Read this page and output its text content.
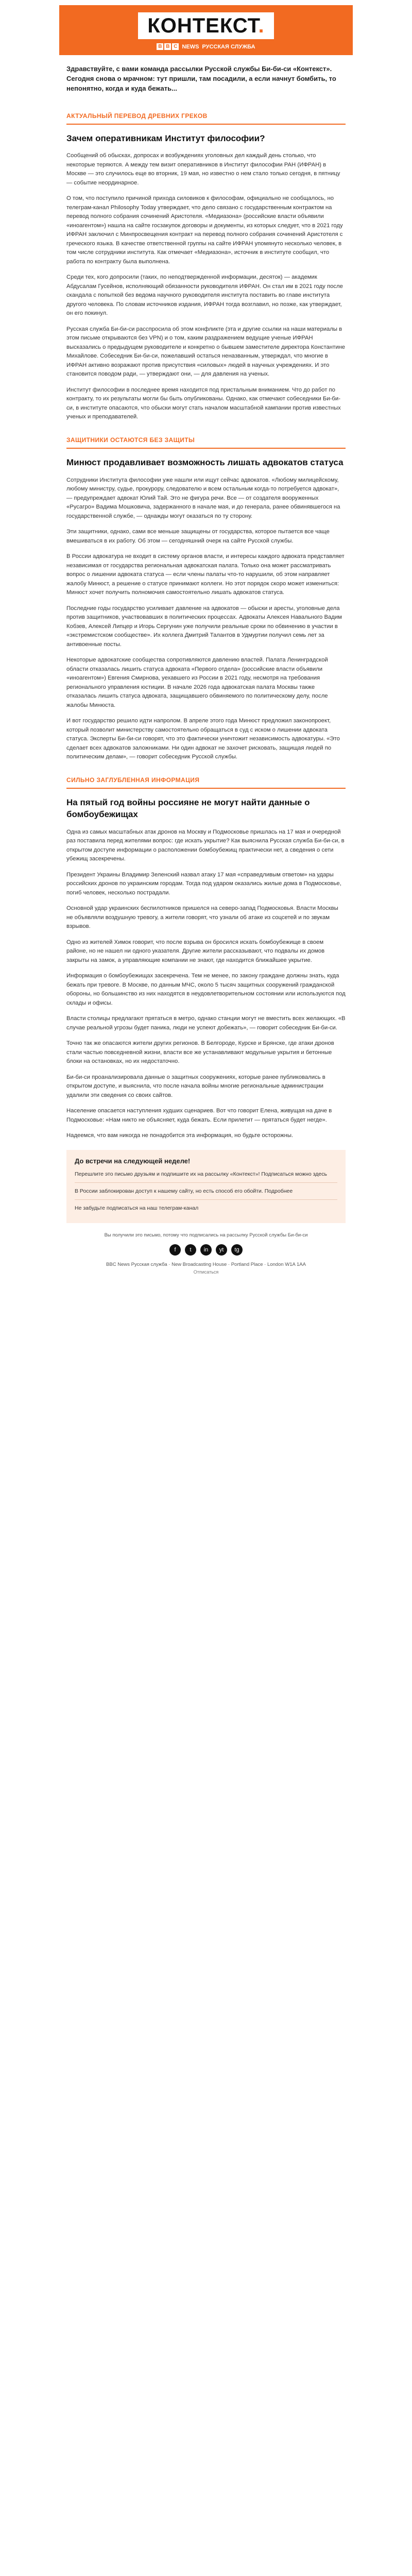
КОНТЕКСТ.
B B C NEWS РУССКАЯ СЛУЖБА
Здравствуйте, с вами команда рассылки Русской службы Би-би-си «Контекст». Сегодня снова о мрачном: тут пришли, там посадили, а если начнут бомбить, то непонятно, когда и куда бежать...
АКТУАЛЬНЫЙ ПЕРЕВОД ДРЕВНИХ ГРЕКОВ
Зачем оперативникам Институт философии?

Сообщений об обысках, допросах и возбуждениях уголовных дел каждый день столько, что некоторые теряются. А между тем визит оперативников в Институт философии РАН (ИФРАН) в Москве — это случилось еще во вторник, 19 мая, но известно о нем стало только сегодня, в пятницу — событие неординарное.

О том, что поступило причиной прихода силовиков к философам, официально не сообщалось, но телеграм-канал Philosophy Today утверждает, что дело связано с государственным контрактом на перевод полного собрания сочинений Аристотеля. «Медиазона» (российские власти объявили «иноагентом») нашла на сайте госзакупок договоры и документы, из которых следует, что в 2021 году ИФРАН заключил с Минпросвещения контракт на перевод полного собрания сочинений Аристотеля с греческого языка. В качестве ответственной группы на сайте ИФРАН упомянуто несколько человек, в том числе сотрудники института. Как отмечает «Медиазона», источник в институте сообщил, что работа по контракту была выполнена.

Среди тех, кого допросили (таких, по неподтвержденной информации, десяток) — академик Абдусалам Гусейнов, исполняющий обязанности руководителя ИФРАН. Он стал им в 2021 году после скандала с попыткой без ведома научного руководителя института поставить во главе института другого человека. По словам источников издания, ИФРАН тогда возглавил, но позже, как утверждает, он его покинул.

Русская служба Би-би-си расспросила об этом конфликте (эта и другие ссылки на наши материалы в этом письме открываются без VPN) и о том, каким раздражением ведущие ученые ИФРАН высказались о предыдущем руководителе и конкретно о бывшем заместителе директора Константине Михайлове. Собеседник Би-би-си, пожелавший остаться неназванным, утверждал, что многие в ИФРАН активно возражают против присутствия «силовых» людей в научных учреждениях. И это становится поводом ради, — утверждают они, — для давления на ученых.

Институт философии в последнее время находится под пристальным вниманием. Что до работ по контракту, то их результаты могли бы быть опубликованы. Однако, как отмечают собеседники Би-би-си, в институте опасаются, что обыски могут стать началом масштабной кампании против известных ученых и преподавателей.

ЗАЩИТНИКИ ОСТАЮТСЯ БЕЗ ЗАЩИТЫ
Минюст продавливает возможность лишать адвокатов статуса

Сотрудники Института философии уже нашли или ищут сейчас адвокатов. «Любому милицейскому, любому министру, судье, прокурору, следователю и всем остальным когда-то потребуется адвокат», — предупреждает адвокат Юлий Тай. Это не фигура речи. Все — от создателя вооруженных «Русагро» Вадима Мошковича, задержанного в начале мая, и до генерала, ранее обвинявшегося на государственной службе, — однажды могут оказаться по ту сторону.

Эти защитники, однако, сами все меньше защищены от государства, которое пытается все чаще вмешиваться в их работу. Об этом — сегодняшний очерк на сайте Русской службы.

В России адвокатура не входит в систему органов власти, и интересы каждого адвоката представляет независимая от государства региональная адвокатская палата. Только она может рассматривать вопрос о лишении адвоката статуса — если члены палаты что-то нарушили, об этом направляет жалобу Минюст, а решение о статусе принимают коллеги. Но этот порядок скоро может измениться: Минюст хочет получить полномочия самостоятельно лишать адвокатов статуса.

Последние годы государство усиливает давление на адвокатов — обыски и аресты, уголовные дела против защитников, участвовавших в политических процессах. Адвокаты Алексея Навального Вадим Кобзев, Алексей Липцер и Игорь Сергунин уже получили реальные сроки по обвинению в участии в «экстремистском сообществе». Их коллега Дмитрий Талантов в Удмуртии получил семь лет за антивоенные посты.

Некоторые адвокатские сообщества сопротивляются давлению властей. Палата Ленинградской области отказалась лишить статуса адвоката «Первого отдела» (российские власти объявили «иноагентом») Евгения Смирнова, уехавшего из России в 2021 году, несмотря на требования регионального управления юстиции. В начале 2026 года адвокатская палата Москвы также отказалась лишить статуса адвоката, защищавшего обвиняемого по политическому делу, после жалобы Минюста.

И вот государство решило идти напролом. В апреле этого года Минюст предложил законопроект, который позволит министерству самостоятельно обращаться в суд с иском о лишении адвоката статуса. Эксперты Би-би-си говорят, что это фактически уничтожит независимость адвокатуры. «Это сделает всех адвокатов заложниками. Ни один адвокат не захочет рисковать, защищая людей по политическим делам», — говорит собеседник Русской службы.

СИЛЬНО ЗАГЛУБЛЕННАЯ ИНФОРМАЦИЯ
На пятый год войны россияне не могут найти данные о бомбоубежищах

Одна из самых масштабных атак дронов на Москву и Подмосковье пришлась на 17 мая и очередной раз поставила перед жителями вопрос: где искать укрытие? Как выяснила Русская служба Би-би-си, в открытом доступе информации о расположении бомбоубежищ практически нет, а сведения о сети убежищ засекречены.

Президент Украины Владимир Зеленский назвал атаку 17 мая «справедливым ответом» на удары российских дронов по украинским городам. Тогда под ударом оказались жилые дома в Подмосковье, погиб человек, несколько пострадали.

Основной удар украинских беспилотников пришелся на северо-запад Подмосковья. Власти Москвы не объявляли воздушную тревогу, а жители говорят, что узнали об атаке из соцсетей и по звукам взрывов.

Одно из жителей Химок говорит, что после взрыва он бросился искать бомбоубежище в своем районе, но не нашел ни одного указателя. Другие жители рассказывают, что подвалы их домов закрыты на замок, а управляющие компании не знают, где находится ближайшее укрытие.

Информация о бомбоубежищах засекречена. Тем не менее, по закону граждане должны знать, куда бежать при тревоге. В Москве, по данным МЧС, около 5 тысяч защитных сооружений гражданской обороны, но большинство из них находятся в неудовлетворительном состоянии или используются под склады и офисы.

Власти столицы предлагают прятаться в метро, однако станции могут не вместить всех желающих. «В случае реальной угрозы будет паника, люди не успеют добежать», — говорит собеседник Би-би-си.

Точно так же опасаются жители других регионов. В Белгороде, Курске и Брянске, где атаки дронов стали частью повседневной жизни, власти все же устанавливают модульные укрытия и бетонные блоки на остановках, но их недостаточно.

Би-би-си проанализировала данные о защитных сооружениях, которые ранее публиковались в открытом доступе, и выяснила, что после начала войны многие региональные администрации удалили эти сведения со своих сайтов.

Население опасается наступления худших сценариев. Вот что говорит Елена, живущая на даче в Подмосковье: «Нам никто не объясняет, куда бежать. Если прилетит — прятаться будет негде».

Надеемся, что вам никогда не понадобится эта информация, но будьте осторожны.

До встречи на следующей неделе!

Перешлите это письмо друзьям и подпишите их на рассылку «Контекст»! Подписаться можно здесь

В России заблокирован доступ к нашему сайту, но есть способ его обойти. Подробнее

Не забудьте подписаться на наш телеграм-канал

Вы получили это письмо, потому что подписались на рассылку Русской службы Би-би-си
f	t	in	yt	tg
BBC News Русская служба · New Broadcasting House · Portland Place · London W1A 1AA
Отписаться
